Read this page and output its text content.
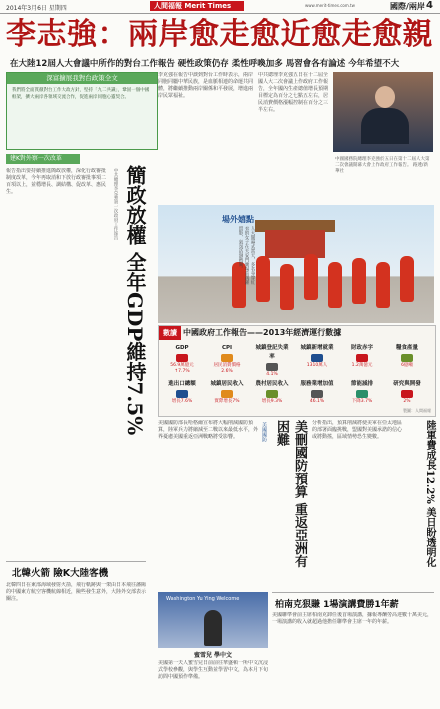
2014年3月6日 星期四	人間福報 Merit Times	www.merit-times.com.tw	國際/兩岸 4
李志強：兩岸愈走愈近愈走愈親
在大陸12屆人大會議中所作的對台工作報告 硬性政策仍存 柔性呼喚加多 馬習會各有論述 今年希望不大
深富擴展我對台政策全文
我們將全面貫徹對台工作大政方針，堅持「九二共識」，鞏固一個中國框架，擴大兩岸各領域交流合作，促進兩岸同胞心靈契合。
建K對外察一次改革
報告指出要持續推進簡政放權，深化行政審批制度改革，今年再取消和下放行政審批事項二百項以上，並穩增長、調結構、促改革、惠民生。	中共總理李克強第一次政府工作報告 簡政放權 全年GDP維持7.5%
李克強在報告中談到對台工作時表示，兩岸同胞同屬中華民族，是血脈相連的命運共同體，將繼續推動兩岸關係和平發展，增進兩岸民眾福祉。
中共總理李克強五日在十二屆全國人大二次會議上作政府工作報告，全年國內生產總值增長預期目標定為百分之七點五左右，居民消費價格漲幅控制在百分之三半左右。
中國國務院總理李克強於五日在第十二屆人大第二次會議開幕大會上作政府工作報告。 路透/新華社
場外嬉點
人大開幕式當天，多名身穿紅衣的女子在天安門廣場前跳躍留影，氣氛活潑熱鬧。
數讀 中國政府工作報告——2013年經濟運行數據
GDP
56.9萬億元↑7.7%
CPI
居民消費價格2.6%
城鎮登記失業率
4.1%
城鎮新增就業
1310萬人
財政赤字
1.2萬億元
糧食產量
6億噸
進出口總額
增長7.6%
城鎮居民收入
實際增長7%
農村居民收入
增長9.3%
服務業增加值
46.1%
節能減排
下降3.7%
研究與開發
2%
製圖：人間福報
美國國防部長哈格爾宣布將大幅削減國防預算，陸軍兵力將縮減至二戰以來最低水平，外界憂慮美國重返亞洲戰略將受影響。	美國國防	美刪國防預算 重返亞洲有困難	分析指出，預算削減將使美軍在亞太地區的部署面臨挑戰，盟國對美國承諾的信心或將動搖，區域情勢恐生變數。	陸軍費成長12.2% 美日盼透明化
北韓火箭 險K大陸客機
北韓四日在東部海域發射火箭，飛行軌跡與一架由日本飛往瀋陽的中國東方航空客機航線相近，險些發生意外，大陸外交部表示關注。	Washington Yu Ying Welcome
蜜雪兒 學中文
美國第一夫人蜜雪兒日前前往華盛頓一所中文沉浸式學校參觀，與學生互動並學習中文，為本月下旬訪問中國預作準備。
柏南克狠賺 1場演講費勝1年薪
美國聯準會前主席柏南克卸任後首場演講，據報導酬勞高達數十萬美元，一場演講的收入就超過他擔任聯準會主席一年的年薪。
